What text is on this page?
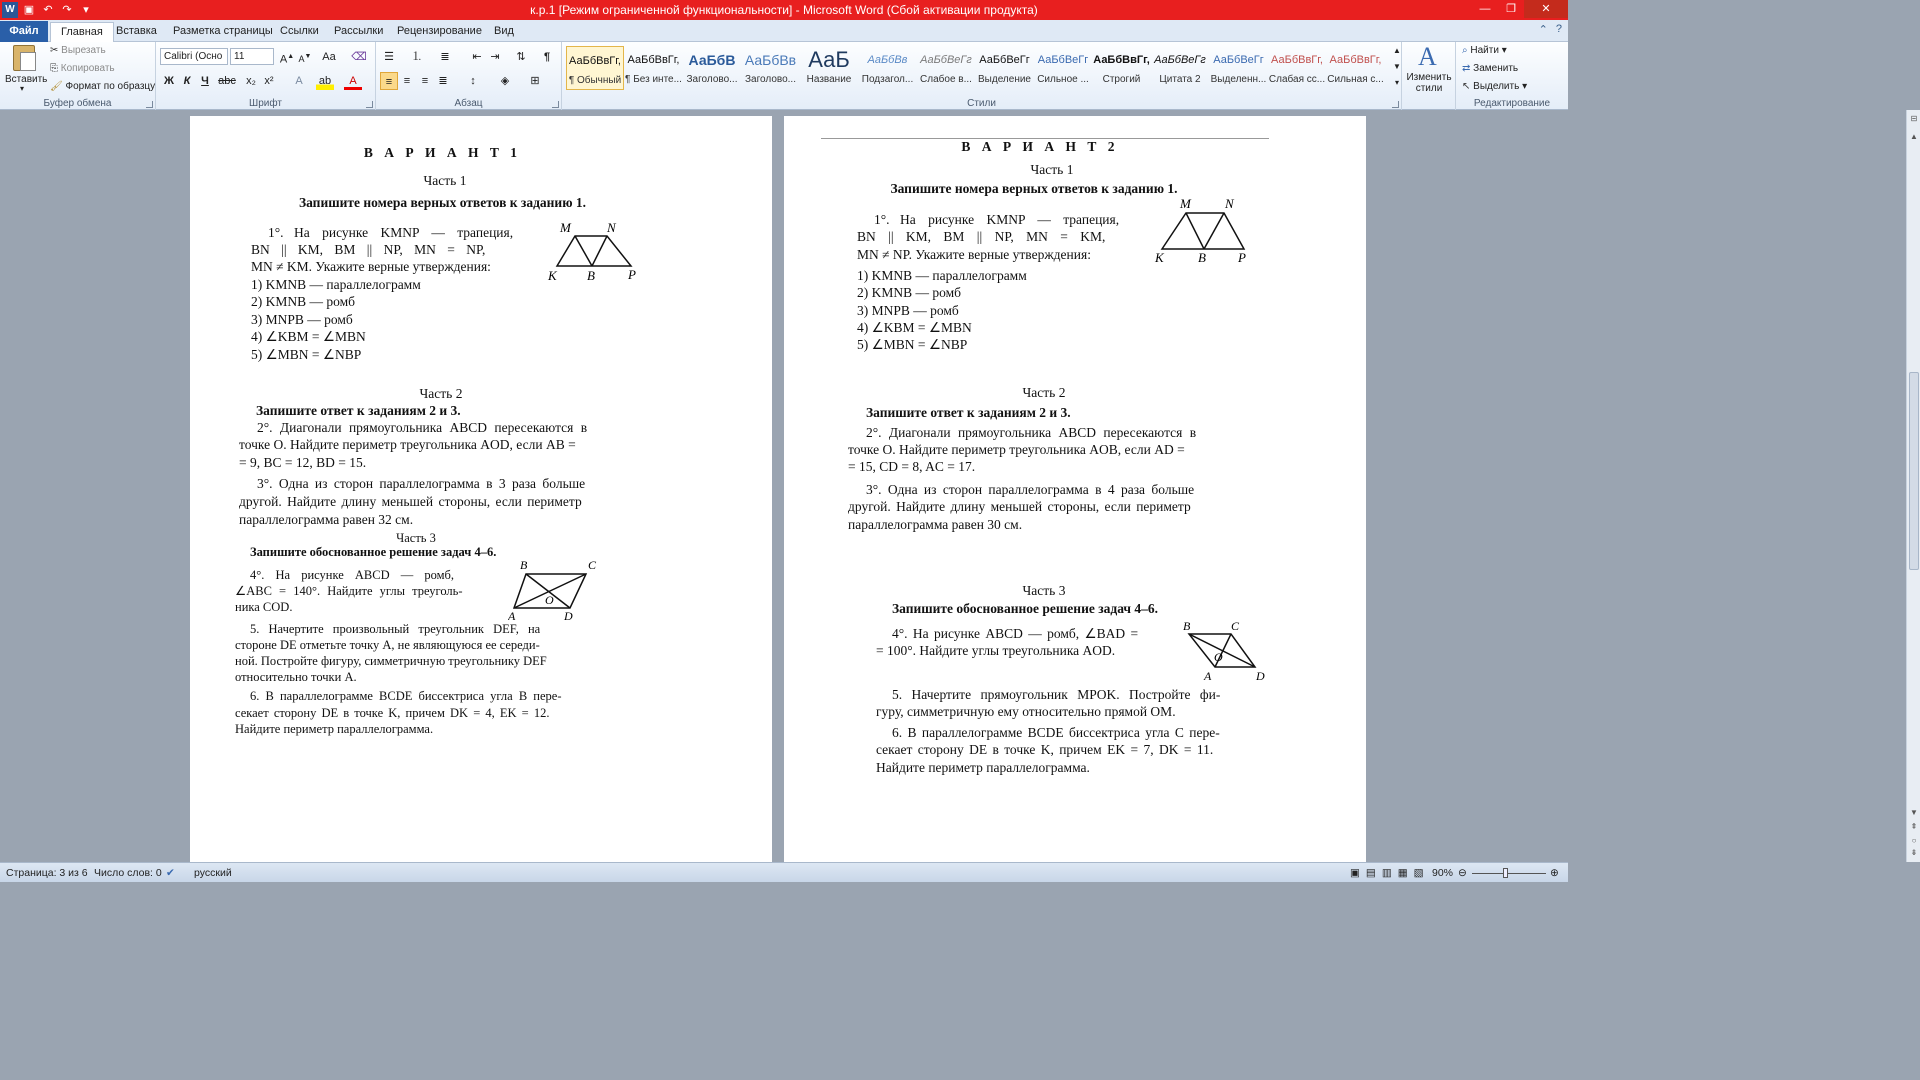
W ▣ ↶ ↷	▾	к.р.1 [Режим ограниченной функциональности] - Microsoft Word (Сбой активации продукта)	—	❐	✕
Файл	Главная	Вставка	Разметка страницы Ссылки	Рассылки	Рецензирование	Вид	⌃ ?
Вставить
▾
✂ Вырезать
⎘ Копировать
🖌 Формат по образцу
Буфер обмена
Calibri (Осно	11	A▲ A▼ Aa ⌫
Ж К Ч abc x₂ x²	A	ab	A
Шрифт
☰	⒈	≣	⇤ ⇥	⇅	¶
≡	≡	≡ ≣	↕	◈	⊞
Абзац
АаБбВвГг,
¶ Обычный
АаБбВвГг,
¶ Без инте...
АаБбВ
Заголово...
АаБбВв
Заголово...
АаБ
Название
АаБбВв
Подзагол...
АаБбВеГг
Слабое в...
АаБбВеГг
Выделение
АаБбВеГг
Сильное ...
АаБбВвГг,
Строгий
АаБбВеГг
Цитата 2
АаБбВеГг
Выделенн...
АаБбВвГг,
Слабая сс...
АаБбВвГг,
Сильная с...
▲
▼
▾
Стили
A
Изменить стили
⌕ Найти ▾
⇄ Заменить
↖ Выделить ▾
Редактирование
В А Р И А Н Т 1
Часть 1
Запишите номера верных ответов к заданию 1.
1°. На рисунке KMNP — трапеция,
BN || KM, BM || NP, MN = NP,
MN ≠ KM. Укажите верные утверждения:
1) KMNB — параллелограмм
2) KMNB — ромб
3) MNPB — ромб
4) ∠KBM = ∠MBN
5) ∠MBN = ∠NBP
M	N
K B	P
Часть 2
Запишите ответ к заданиям 2 и 3.
2°. Диагонали прямоугольника ABCD пересекаются в
точке O. Найдите периметр треугольника AOD, если AB =
= 9, BC = 12, BD = 15.
3°. Одна из сторон параллелограмма в 3 раза больше
другой. Найдите длину меньшей стороны, если периметр
параллелограмма равен 32 см.
Часть 3
Запишите обоснованное решение задач 4–6.
4°. На рисунке ABCD — ромб,
∠ABC = 140°. Найдите углы треуголь-
ника COD.
B	C
O
A	D
5. Начертите произвольный треугольник DEF, на
стороне DE отметьте точку A, не являющуюся ее середи-
ной. Постройте фигуру, симметричную треугольнику DEF
относительно точки A.
6. В параллелограмме BCDE биссектриса угла B пере-
секает сторону DE в точке K, причем DK = 4, EK = 12.
Найдите периметр параллелограмма.
В А Р И А Н Т 2
Часть 1
Запишите номера верных ответов к заданию 1.
1°. На рисунке KMNP — трапеция,
BN || KM, BM || NP, MN = KM,
MN ≠ NP. Укажите верные утверждения:
1) KMNB — параллелограмм
2) KMNB — ромб
3) MNPB — ромб
4) ∠KBM = ∠MBN
5) ∠MBN = ∠NBP
M	N
K	B P
Часть 2
Запишите ответ к заданиям 2 и 3.
2°. Диагонали прямоугольника ABCD пересекаются в
точке O. Найдите периметр треугольника AOB, если AD =
= 15, CD = 8, AC = 17.
3°. Одна из сторон параллелограмма в 4 раза больше
другой. Найдите длину меньшей стороны, если периметр
параллелограмма равен 30 см.
Часть 3
Запишите обоснованное решение задач 4–6.
4°. На рисунке ABCD — ромб, ∠BAD =
= 100°. Найдите углы треугольника AOD.
B	C
O
A	D
5. Начертите прямоугольник MPOK. Постройте фи-
гуру, симметричную ему относительно прямой OM.
6. В параллелограмме BCDE биссектриса угла C пере-
секает сторону DE в точке K, причем EK = 7, DK = 11.
Найдите периметр параллелограмма.
⊟
▲
▼
⇞
○
⇟
Страница: 3 из 6 Число слов: 0 ✔ русский	▣▤▥▦▧ 90% ⊖	⊕
